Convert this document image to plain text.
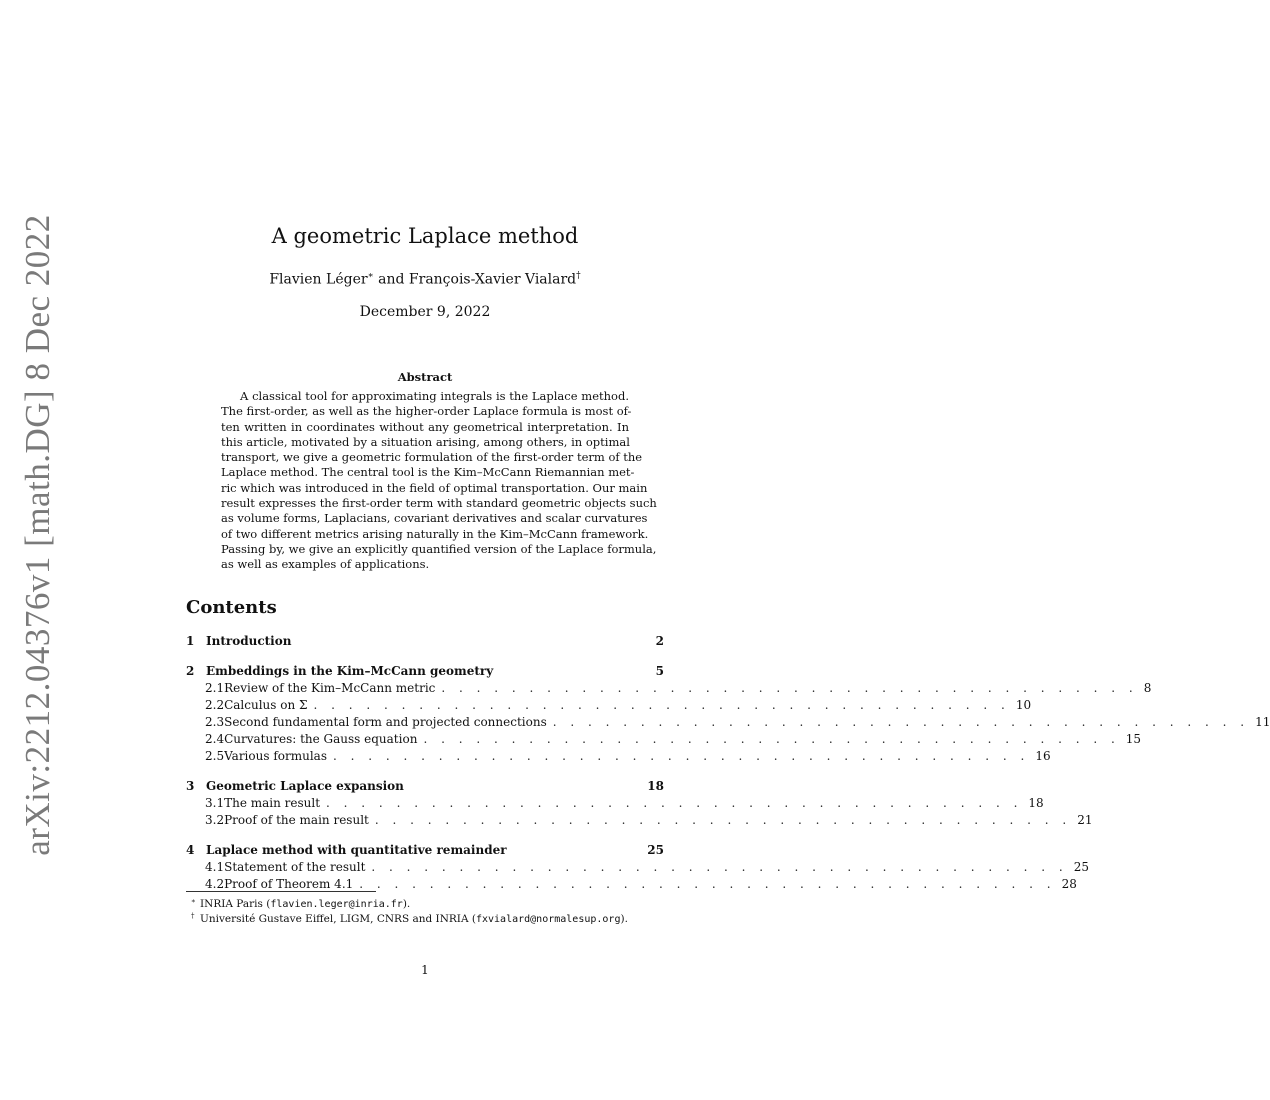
arXiv:2212.04376v1 [math.DG] 8 Dec 2022	A geometric Laplace method
Flavien Léger∗ and François-Xavier Vialard†
December 9, 2022
Abstract
A classical tool for approximating integrals is the Laplace method.
The first-order, as well as the higher-order Laplace formula is most of-
ten written in coordinates without any geometrical interpretation. In
this article, motivated by a situation arising, among others, in optimal
transport, we give a geometric formulation of the first-order term of the
Laplace method. The central tool is the Kim–McCann Riemannian met-
ric which was introduced in the field of optimal transportation. Our main
result expresses the first-order term with standard geometric objects such
as volume forms, Laplacians, covariant derivatives and scalar curvatures
of two different metrics arising naturally in the Kim–McCann framework.
Passing by, we give an explicitly quantified version of the Laplace formula,
as well as examples of applications.
Contents
1 Introduction	2
2 Embeddings in the Kim–McCann geometry	5
2.1 Review of the Kim–McCann metric . . . . . . . . . . . . . . . . . . . . . . . . . . . . . . . . . . . . . . . . 8
2.2 Calculus on Σ . . . . . . . . . . . . . . . . . . . . . . . . . . . . . . . . . . . . . . . . 10
2.3 Second fundamental form and projected connections . . . . . . . . . . . . . . . . . . . . . . . . . . . . . . . . . . . . . . . . 11
2.4 Curvatures: the Gauss equation . . . . . . . . . . . . . . . . . . . . . . . . . . . . . . . . . . . . . . . . 15
2.5 Various formulas . . . . . . . . . . . . . . . . . . . . . . . . . . . . . . . . . . . . . . . . 16
3 Geometric Laplace expansion	18
3.1 The main result . . . . . . . . . . . . . . . . . . . . . . . . . . . . . . . . . . . . . . . . 18
3.2 Proof of the main result . . . . . . . . . . . . . . . . . . . . . . . . . . . . . . . . . . . . . . . . 21
4 Laplace method with quantitative remainder	25
4.1 Statement of the result . . . . . . . . . . . . . . . . . . . . . . . . . . . . . . . . . . . . . . . . 25
4.2 Proof of Theorem 4.1 . . . . . . . . . . . . . . . . . . . . . . . . . . . . . . . . . . . . . . . . 28
∗ INRIA Paris (flavien.leger@inria.fr).
† Université Gustave Eiffel, LIGM, CNRS and INRIA (fxvialard@normalesup.org).
1
